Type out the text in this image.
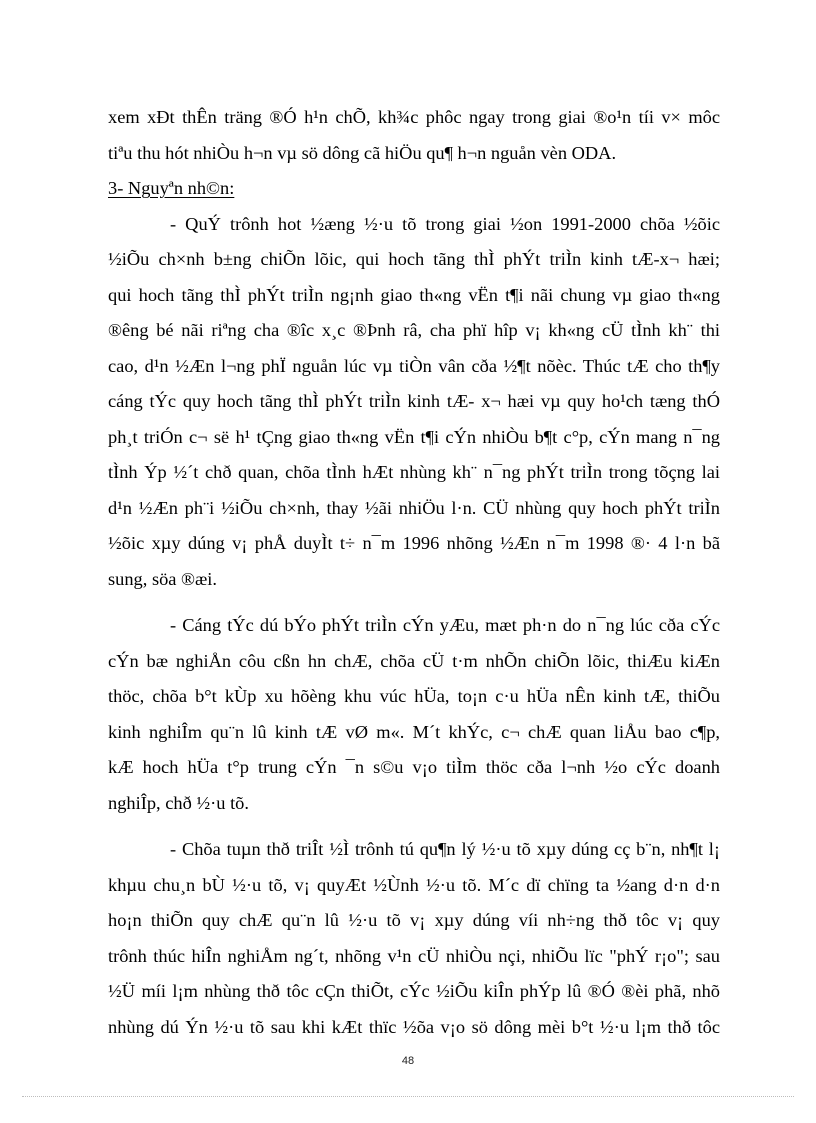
xem xÐt thÊn träng ®Ó h¹n chÕ, kh¾c phôc ngay trong giai ®o¹n tíi v× môc
tiªu thu hót nhiÒu h¬n vµ sö dông cã hiÖu qu¶ h¬n nguån vèn ODA.
3- Nguyªn nh©n:
- QuÝ trônh hot ½æng ½·u tõ trong giai ½on 1991-2000 chõa ½õic
½iÕu ch×nh b±ng chiÕn lõic, qui hoch tãng thÌ phÝt triÌn kinh tÆ-x¬ hæi;
qui hoch tãng thÌ phÝt triÌn ng¡nh giao th«ng vËn t¶i nãi chung vµ giao th«ng
®êng bé nãi riªng cha ®îc x¸c ®Þnh râ, cha phï hîp v¡ kh«ng cÜ tÌnh kh¨ thi
cao, d¹n ½Æn l¬ng phÏ nguån lúc vµ tiÒn vân cða ½¶t nõèc. Thúc tÆ cho th¶y
cáng tÝc quy hoch tãng thÌ phÝt triÌn kinh tÆ- x¬ hæi vµ quy ho¹ch tæng thÓ
ph¸t triÓn c¬ së h¹ tÇng giao th«ng vËn t¶i cÝn nhiÒu b¶t c°p, cÝn mang n¯ng
tÌnh Ýp ½´t chð quan, chõa tÌnh hÆt nhùng kh¨ n¯ng phÝt triÌn trong tõçng lai
d¹n ½Æn ph¨i ½iÕu ch×nh, thay ½ãi nhiÖu l·n. CÜ nhùng quy hoch phÝt triÌn
½õic xµy dúng v¡ phÅ duyÌt t÷ n¯m 1996 nhõng ½Æn n¯m 1998 ®· 4 l·n bã
sung, söa ®æi.
- Cáng tÝc dú bÝo phÝt triÌn cÝn yÆu, mæt ph·n do n¯ng lúc cða cÝc
cÝn bæ nghiÅn côu cßn hn chÆ, chõa cÜ t·m nhÕn chiÕn lõic, thiÆu kiÆn
thöc, chõa b°t kÙp xu hõèng khu vúc hÜa, to¡n c·u hÜa nÊn kinh tÆ, thiÕu
kinh nghiÎm qu¨n lû kinh tÆ vØ m«. M´t khÝc, c¬ chÆ quan liÅu bao c¶p,
kÆ hoch hÜa t°p trung cÝn ¯n s©u v¡o tiÌm thöc cða l¬nh ½o cÝc doanh
nghiÎp, chð ½·u tõ.
- Chõa tuµn thð triÎt ½Ì trônh tú qu¶n lý ½·u tõ xµy dúng cç b¨n, nh¶t l¡
khµu chu¸n bÙ ½·u tõ, v¡ quyÆt ½Ùnh ½·u tõ. M´c dï chïng ta ½ang d·n d·n
ho¡n thiÕn quy chÆ qu¨n lû ½·u tõ v¡ xµy dúng víi nh÷ng thð tôc v¡ quy
trônh thúc hiÎn nghiÅm ng´t, nhõng v¹n cÜ nhiÒu nçi, nhiÕu lïc "phÝ r¡o"; sau
½Ü míi l¡m nhùng thð tôc cÇn thiÕt, cÝc ½iÕu kiÎn phÝp lû ®Ó ®èi phã, nhõ
nhùng dú Ýn ½·u tõ sau khi kÆt thïc ½õa v¡o sö dông mèi b°t ½·u l¡m thð tôc
48
